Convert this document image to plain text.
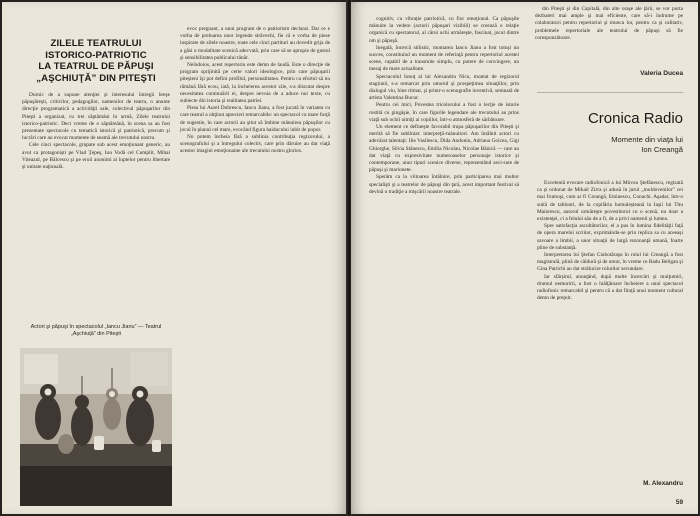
ZILELE TEATRULUI
ISTORICO-PATRIOTIC
LA TEATRUL DE PĂPUŞI
„AŞCHIUŢĂ” DIN PITEŞTI

Dornic de a supune atenţiei şi interesului întregii breşe păpuşăreşti, criticilor, pedagogilor, oamenilor de teatru, o anume direcţie programatică a activităţii sale, colectivul păpuşarilor din Piteşti a organizat, cu trei săptămâni în urmă, Zilele teatrului istorico-patriotic. Deci vreme de o săptămână, în scena sa au fost prezentate spectacole cu tematică istorică şi patriotică, precum şi lucrări care au evocat momente de seamă ale trecutului nostru.

Cele cinci spectacole, grupate sub acest emoţionant generic, au avut ca protagonişti pe Vlad Ţepeş, Ion Vodă cel Cumplit, Mihai Viteazul, pe Bălcescu şi pe eroii anonimi ai luptelor pentru libertate şi unitate naţională.

Actori şi păpuşi în spectacolul „Iancu Jianu” — Teatrul „Aşchiuţă” din Piteşti

evoc pregnant, a unui program de o patriotism declarat. Dar ce e vorba de preluarea unor legende străvechi, fie că e vorba de piese inspirate de zilele noastre, toate cele cinci partituri au dovedit grija de a găsi o modalitate scenică adecvată, prin care să se apropie de gustul şi sensibilitatea publicului tânăr.

Neîndoios, acest repertoriu este demn de laudă. Este o direcţie de program sprijinită pe certe valori ideologice, prin care păpuşarii piteşteni îşi pot defini profilul, personalitatea. Pentru ca efortul să nu rămână fără ecou, iată, la încheierea acestor zile, s-a discutat despre necesitatea continuării ei, despre nevoia de a aduce noi texte, cu subiecte din istoria şi realitatea patriei.

Piesa lui Aurel Dobrescu, Iancu Jianu, a fost jucată în varianta cu care teatrul a obţinut aprecieri remarcabile: un spectacol cu mare forţă de sugestie, în care actorii au ştiut să îmbine mânuirea păpuşilor cu jocul în planul cel mare, evocând figura haiducului iubit de popor.

Nu putem încheia fără a sublinia contribuţia regizorului, a scenografului şi a întregului colectiv, care prin dăruire au dat viaţă acestor imagini emoţionante ale trecutului nostru glorios.

cognitiv, cu vibraţie patriotică, cu fior emoţional. Ca păpuşile mânuite la vedere (actorii păpuşari vizibili) se creează o relaţie organică cu spectatorul, al cărui ochi urmăreşte, fascinat, jocul dintre om şi păpuşă.

Inegală, încercă stilistic, montarea Iancu Jianu a fost totuşi un succes, constituind un moment de referinţă pentru repertoriul acestei scene, capabil de a transmite simplu, cu putere de convingere, un mesaj de mare actualitate.

Spectacolul Ionuţ al lui Alexandru Nicu, montat de regizorul stagiunii, s-a remarcat prin umorul şi prospeţimea situaţiilor, prin dialogul viu, bine ritmat, şi printr-o scenografie inventivă, semnată de artista Valentina Bucur.

Pentru cei mici, Povestea tricolorului a fost o lecţie de istorie rostită cu gingăşie, în care figurile legendare ale trecutului au prins viaţă sub ochii uimiţi ai copiilor, într-o atmosferă de sărbătoare.

Un element ce defineşte favorabil trupa păpuşarilor din Piteşti şi merită să fie subliniat: interpreţii-mânuitori. Am întâlnit actori cu adevărat talentaţi: Ilie Vasilescu, Dida Andoniu, Adriana Goicea, Gigi Ghiorghe, Silvia Stănescu, Emilia Nicolau, Nicolae Bănică — care au dat viaţă cu expresivitate numeroaselor personaje istorice şi contemporane, unor tipuri scenice diverse, reprezentând zeci-sute de păpuşi şi marionete.

Sperăm ca la viitoarea întâlnire, prin participarea mai multor specialişti şi a teatrelor de păpuşi din ţară, acest important festival să devină o tradiţie a mişcării noastre teatrale.

din Piteşti şi din Capitală, din alte oraşe ale ţării, se vor purta dezbateri mai ample şi mai eficiente, care să-i îndrume pe colaboratori pentru repertoriul şi munca lor, pentru ca şi calitativ, problemele repertoriale ale teatrului de păpuşi să fie corespunzătoare.

Valeria Ducea
Cronica Radio
Momente din viaţa lui
Ion Creangă

Excelentă evocare radiofonică a lui Mircea Ştefănescu, regizată ca şi ordonat de Mihail Zirra şi adusă în jurul „moldovenilor” cei mai frumoşi, cum ar fi Creangă, Eminescu, Conachi. Aşadar, într-o suită de tablouri, de la copilăria humuleşteană la Iaşii lui Titu Maiorescu, autorul urmăreşte povestitorul cu o scenă, nu doar a existenţei, ci a felului său de a fi, de a privi oamenii şi lumea.

Spre satisfacţia ascultătorilor, el a pus în lumina fidelităţii faţă de opera marelui scriitor, exprimându-se prin replica sa cu aceeaşi savoare a limbii, a unor situaţii de largă rezonanţă umană, foarte pline de substanţă.

Interpretarea lui Ştefan Ciubotăraşu în rolul lui Creangă a fost magistrală, plină de căldură şi de umor, în vreme ce Radu Beligan şi Gina Patrichi au dat strălucire rolurilor secundare.

Iar sfârşitul, anunţând, după multe încercări şi mulţumiri, drumul nemuririi, a fost o înălţătoare încheiere a unui spectacol radiofonic remarcabil şi pentru că a dat fiinţă unui moment cultural demn de preţuit.

M. Alexandru
59
